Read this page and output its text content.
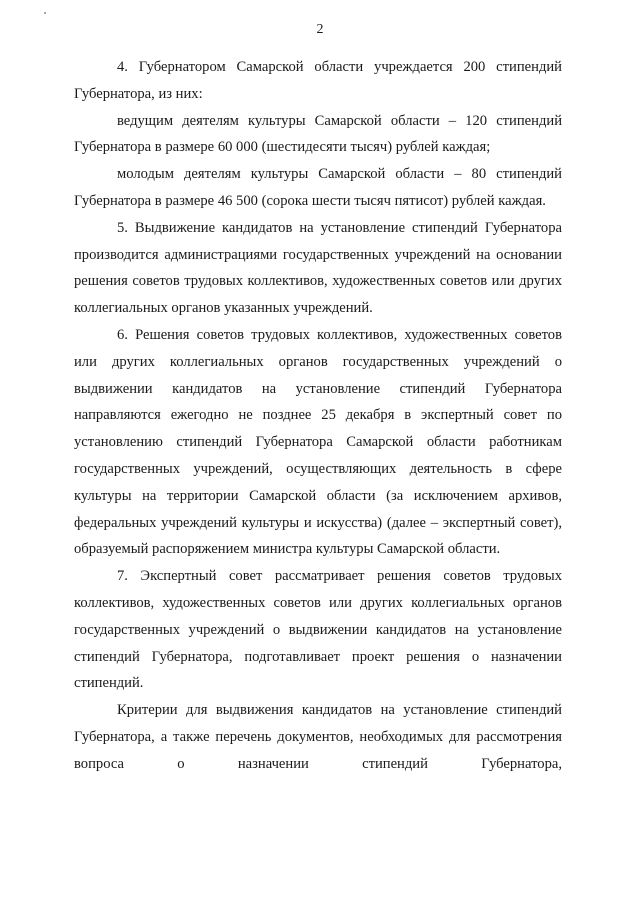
2

4. Губернатором Самарской области учреждается 200 стипендий Губернатора, из них:

ведущим деятелям культуры Самарской области – 120 стипендий Губернатора в размере 60 000 (шестидесяти тысяч) рублей каждая;

молодым деятелям культуры Самарской области – 80 стипендий Губернатора в размере 46 500 (сорока шести тысяч пятисот) рублей каждая.

5. Выдвижение кандидатов на установление стипендий Губернатора производится администрациями государственных учреждений на основании решения советов трудовых коллективов, художественных советов или других коллегиальных органов указанных учреждений.

6. Решения советов трудовых коллективов, художественных советов или других коллегиальных органов государственных учреждений о выдвижении кандидатов на установление стипендий Губернатора направляются ежегодно не позднее 25 декабря в экспертный совет по установлению стипендий Губернатора Самарской области работникам государственных учреждений, осуществляющих деятельность в сфере культуры на территории Самарской области (за исключением архивов, федеральных учреждений культуры и искусства) (далее – экспертный совет), образуемый распоряжением министра культуры Самарской области.

7. Экспертный совет рассматривает решения советов трудовых коллективов, художественных советов или других коллегиальных органов государственных учреждений о выдвижении кандидатов на установление стипендий Губернатора, подготавливает проект решения о назначении стипендий.

Критерии для выдвижения кандидатов на установление стипендий Губернатора, а также перечень документов, необходимых для рассмотрения вопроса о назначении стипендий Губернатора,
